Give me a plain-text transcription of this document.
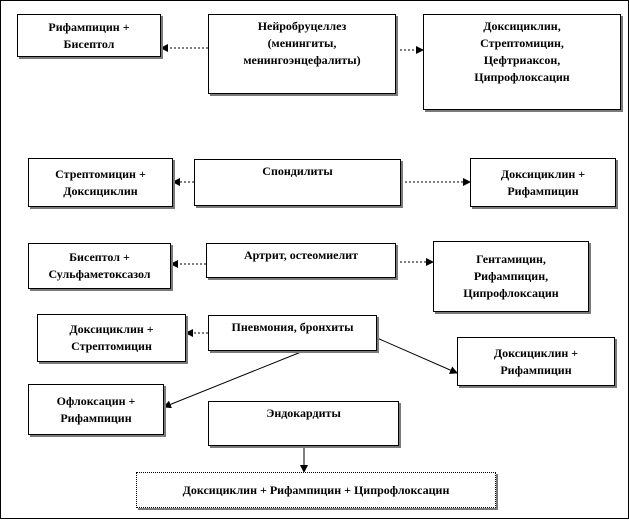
Рифампицин +
Бисептол
Нейробруцеллез
(менингиты,
менингоэнцефалиты)
Доксициклин,
Стрептомицин,
Цефтриаксон,
Ципрофлоксацин
Стрептомицин +
Доксициклин
Спондилиты	Доксициклин +
Рифампицин
Бисептол +
Сульфаметоксазол
Артрит, остеомиелит	Гентамицин,
Рифампицин,
Ципрофлоксацин
Доксициклин +
Стрептомицин
Пневмония, бронхиты
Доксициклин +
Рифампицин
Офлоксацин +
Рифампицин	Эндокардиты
Доксициклин + Рифампицин + Ципрофлоксацин
